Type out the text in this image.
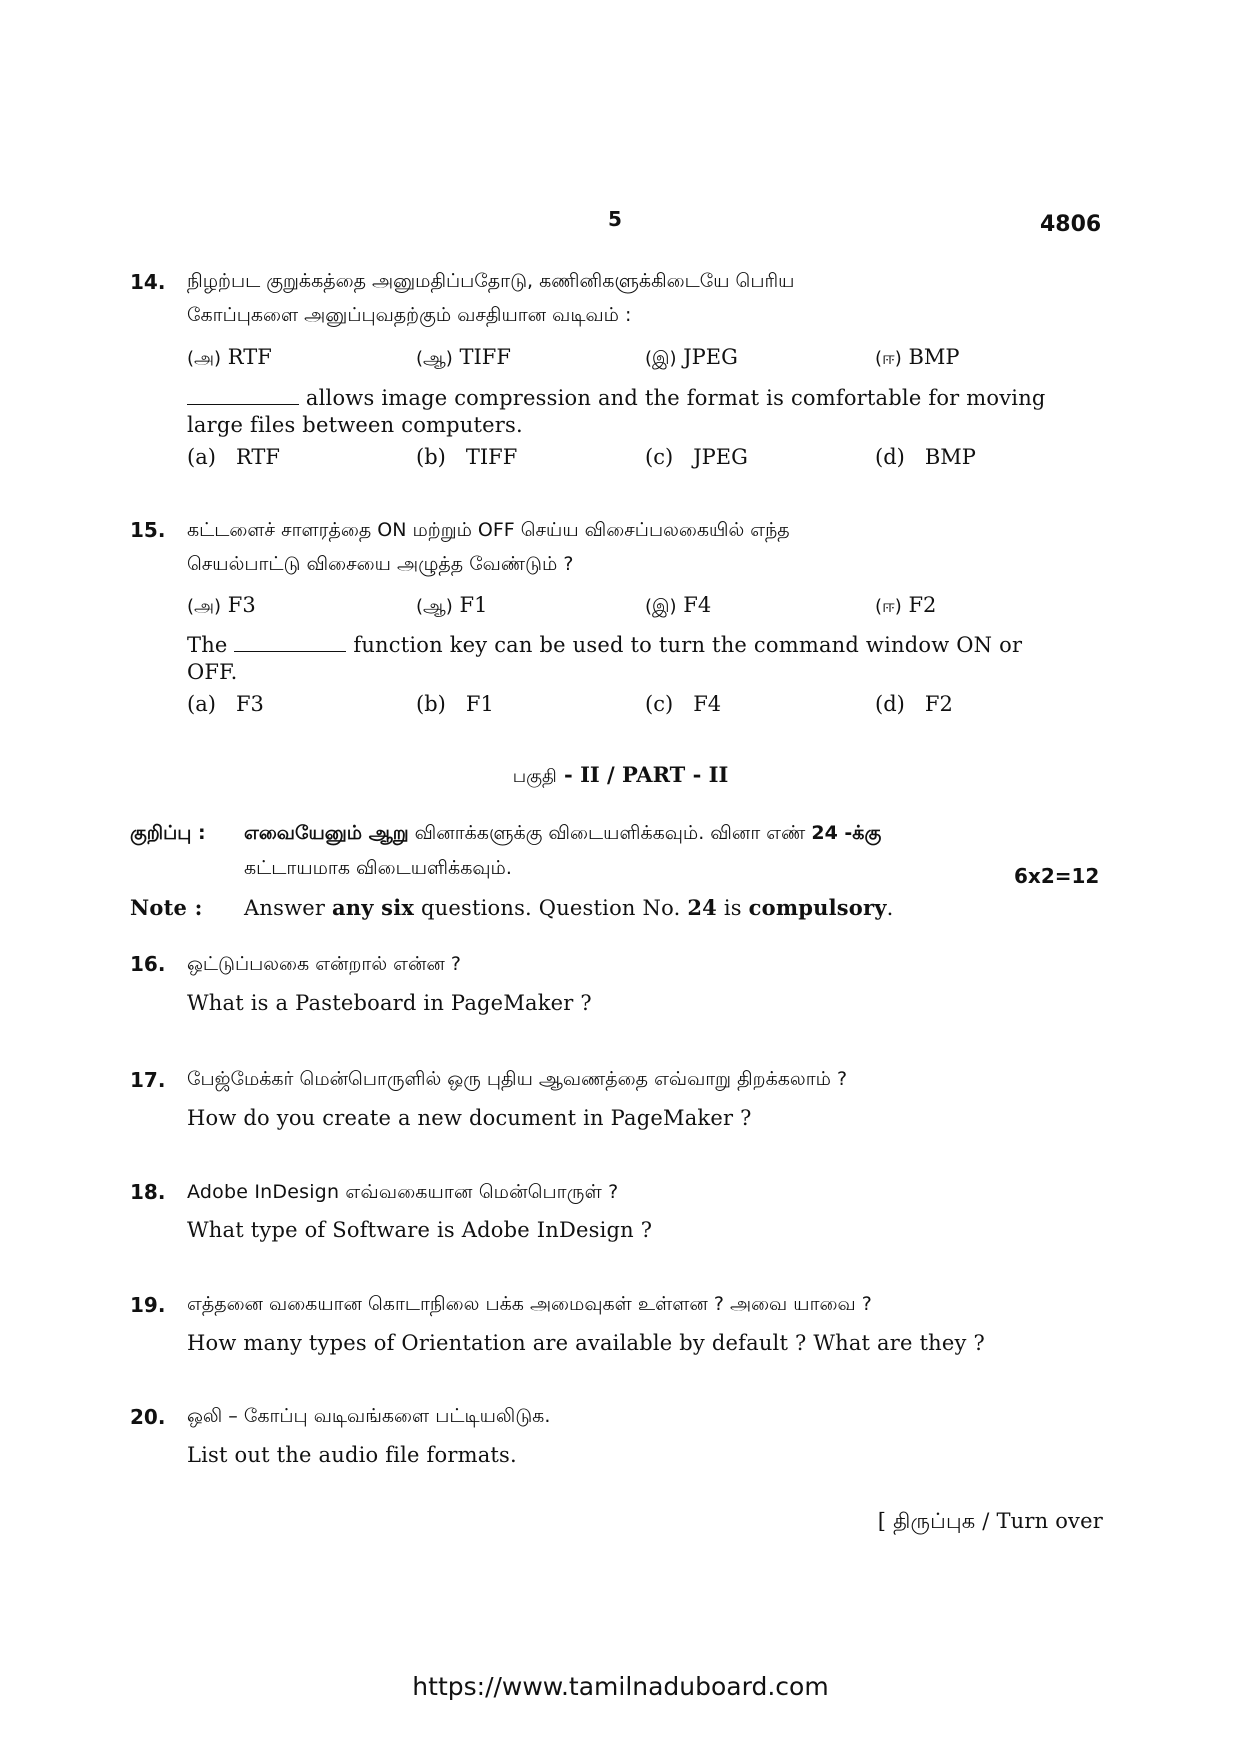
5	4806
14. நிழற்பட குறுக்கத்தை அனுமதிப்பதோடு, கணினிகளுக்கிடையே பெரிய
கோப்புகளை அனுப்புவதற்கும் வசதியான வடிவம் :
(அ) RTF	(ஆ) TIFF	(இ) JPEG	(ஈ) BMP
allows image compression and the format is comfortable for moving
large files between computers.
(a) RTF	(b) TIFF	(c) JPEG	(d) BMP
15. கட்டளைச் சாளரத்தை ON மற்றும் OFF செய்ய விசைப்பலகையில் எந்த
செயல்பாட்டு விசையை அழுத்த வேண்டும் ?
(அ) F3	(ஆ) F1	(இ) F4	(ஈ) F2
The	function key can be used to turn the command window ON or
OFF.
(a) F3	(b) F1	(c) F4	(d) F2
பகுதி - II / PART - II
குறிப்பு : எவையேனும் ஆறு வினாக்களுக்கு விடையளிக்கவும். வினா எண் 24 -க்கு
கட்டாயமாக விடையளிக்கவும்.	6x2=12
Note : Answer any six questions. Question No. 24 is compulsory.
16. ஒட்டுப்பலகை என்றால் என்ன ?
What is a Pasteboard in PageMaker ?
17. பேஜ்மேக்கர் மென்பொருளில் ஒரு புதிய ஆவணத்தை எவ்வாறு திறக்கலாம் ?
How do you create a new document in PageMaker ?
18. Adobe InDesign எவ்வகையான மென்பொருள் ?
What type of Software is Adobe InDesign ?
19. எத்தனை வகையான கொடாநிலை பக்க அமைவுகள் உள்ளன ? அவை யாவை ?
How many types of Orientation are available by default ? What are they ?
20. ஒலி – கோப்பு வடிவங்களை பட்டியலிடுக.
List out the audio file formats.
[ திருப்புக / Turn over
https://www.tamilnaduboard.com
